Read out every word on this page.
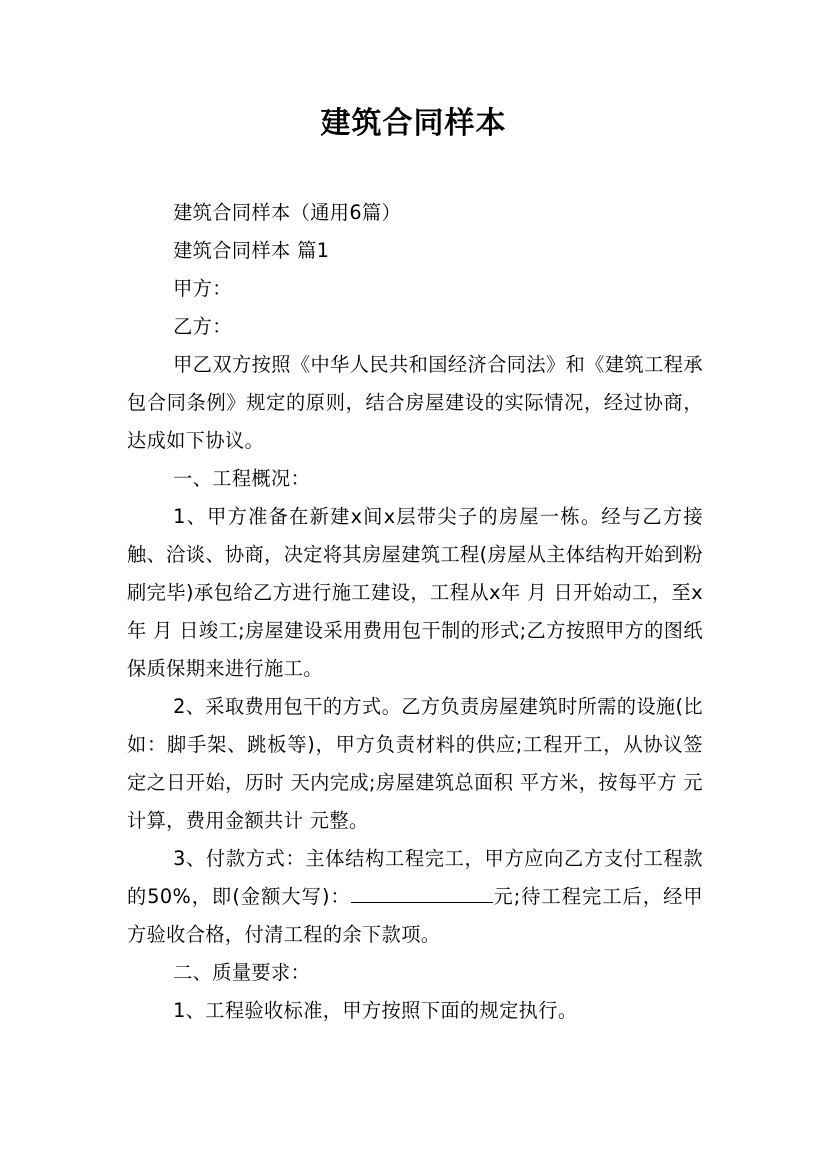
建筑合同样本

建筑合同样本（通用6篇）

建筑合同样本 篇1

甲方：

乙方：

甲乙双方按照《中华人民共和国经济合同法》和《建筑工程承包合同条例》规定的原则，结合房屋建设的实际情况，经过协商，达成如下协议。

一、工程概况：

1、甲方准备在新建x间x层带尖子的房屋一栋。经与乙方接触、洽谈、协商，决定将其房屋建筑工程(房屋从主体结构开始到粉刷完毕)承包给乙方进行施工建设，工程从x年 月 日开始动工，至x年 月 日竣工;房屋建设采用费用包干制的形式;乙方按照甲方的图纸保质保期来进行施工。

2、采取费用包干的方式。乙方负责房屋建筑时所需的设施(比如：脚手架、跳板等)，甲方负责材料的供应;工程开工，从协议签定之日开始，历时 天内完成;房屋建筑总面积 平方米，按每平方 元计算，费用金额共计 元整。

3、付款方式：主体结构工程完工，甲方应向乙方支付工程款的50%，即(金额大写)：	元;待工程完工后，经甲方验收合格，付清工程的余下款项。

二、质量要求：

1、工程验收标准，甲方按照下面的规定执行。
